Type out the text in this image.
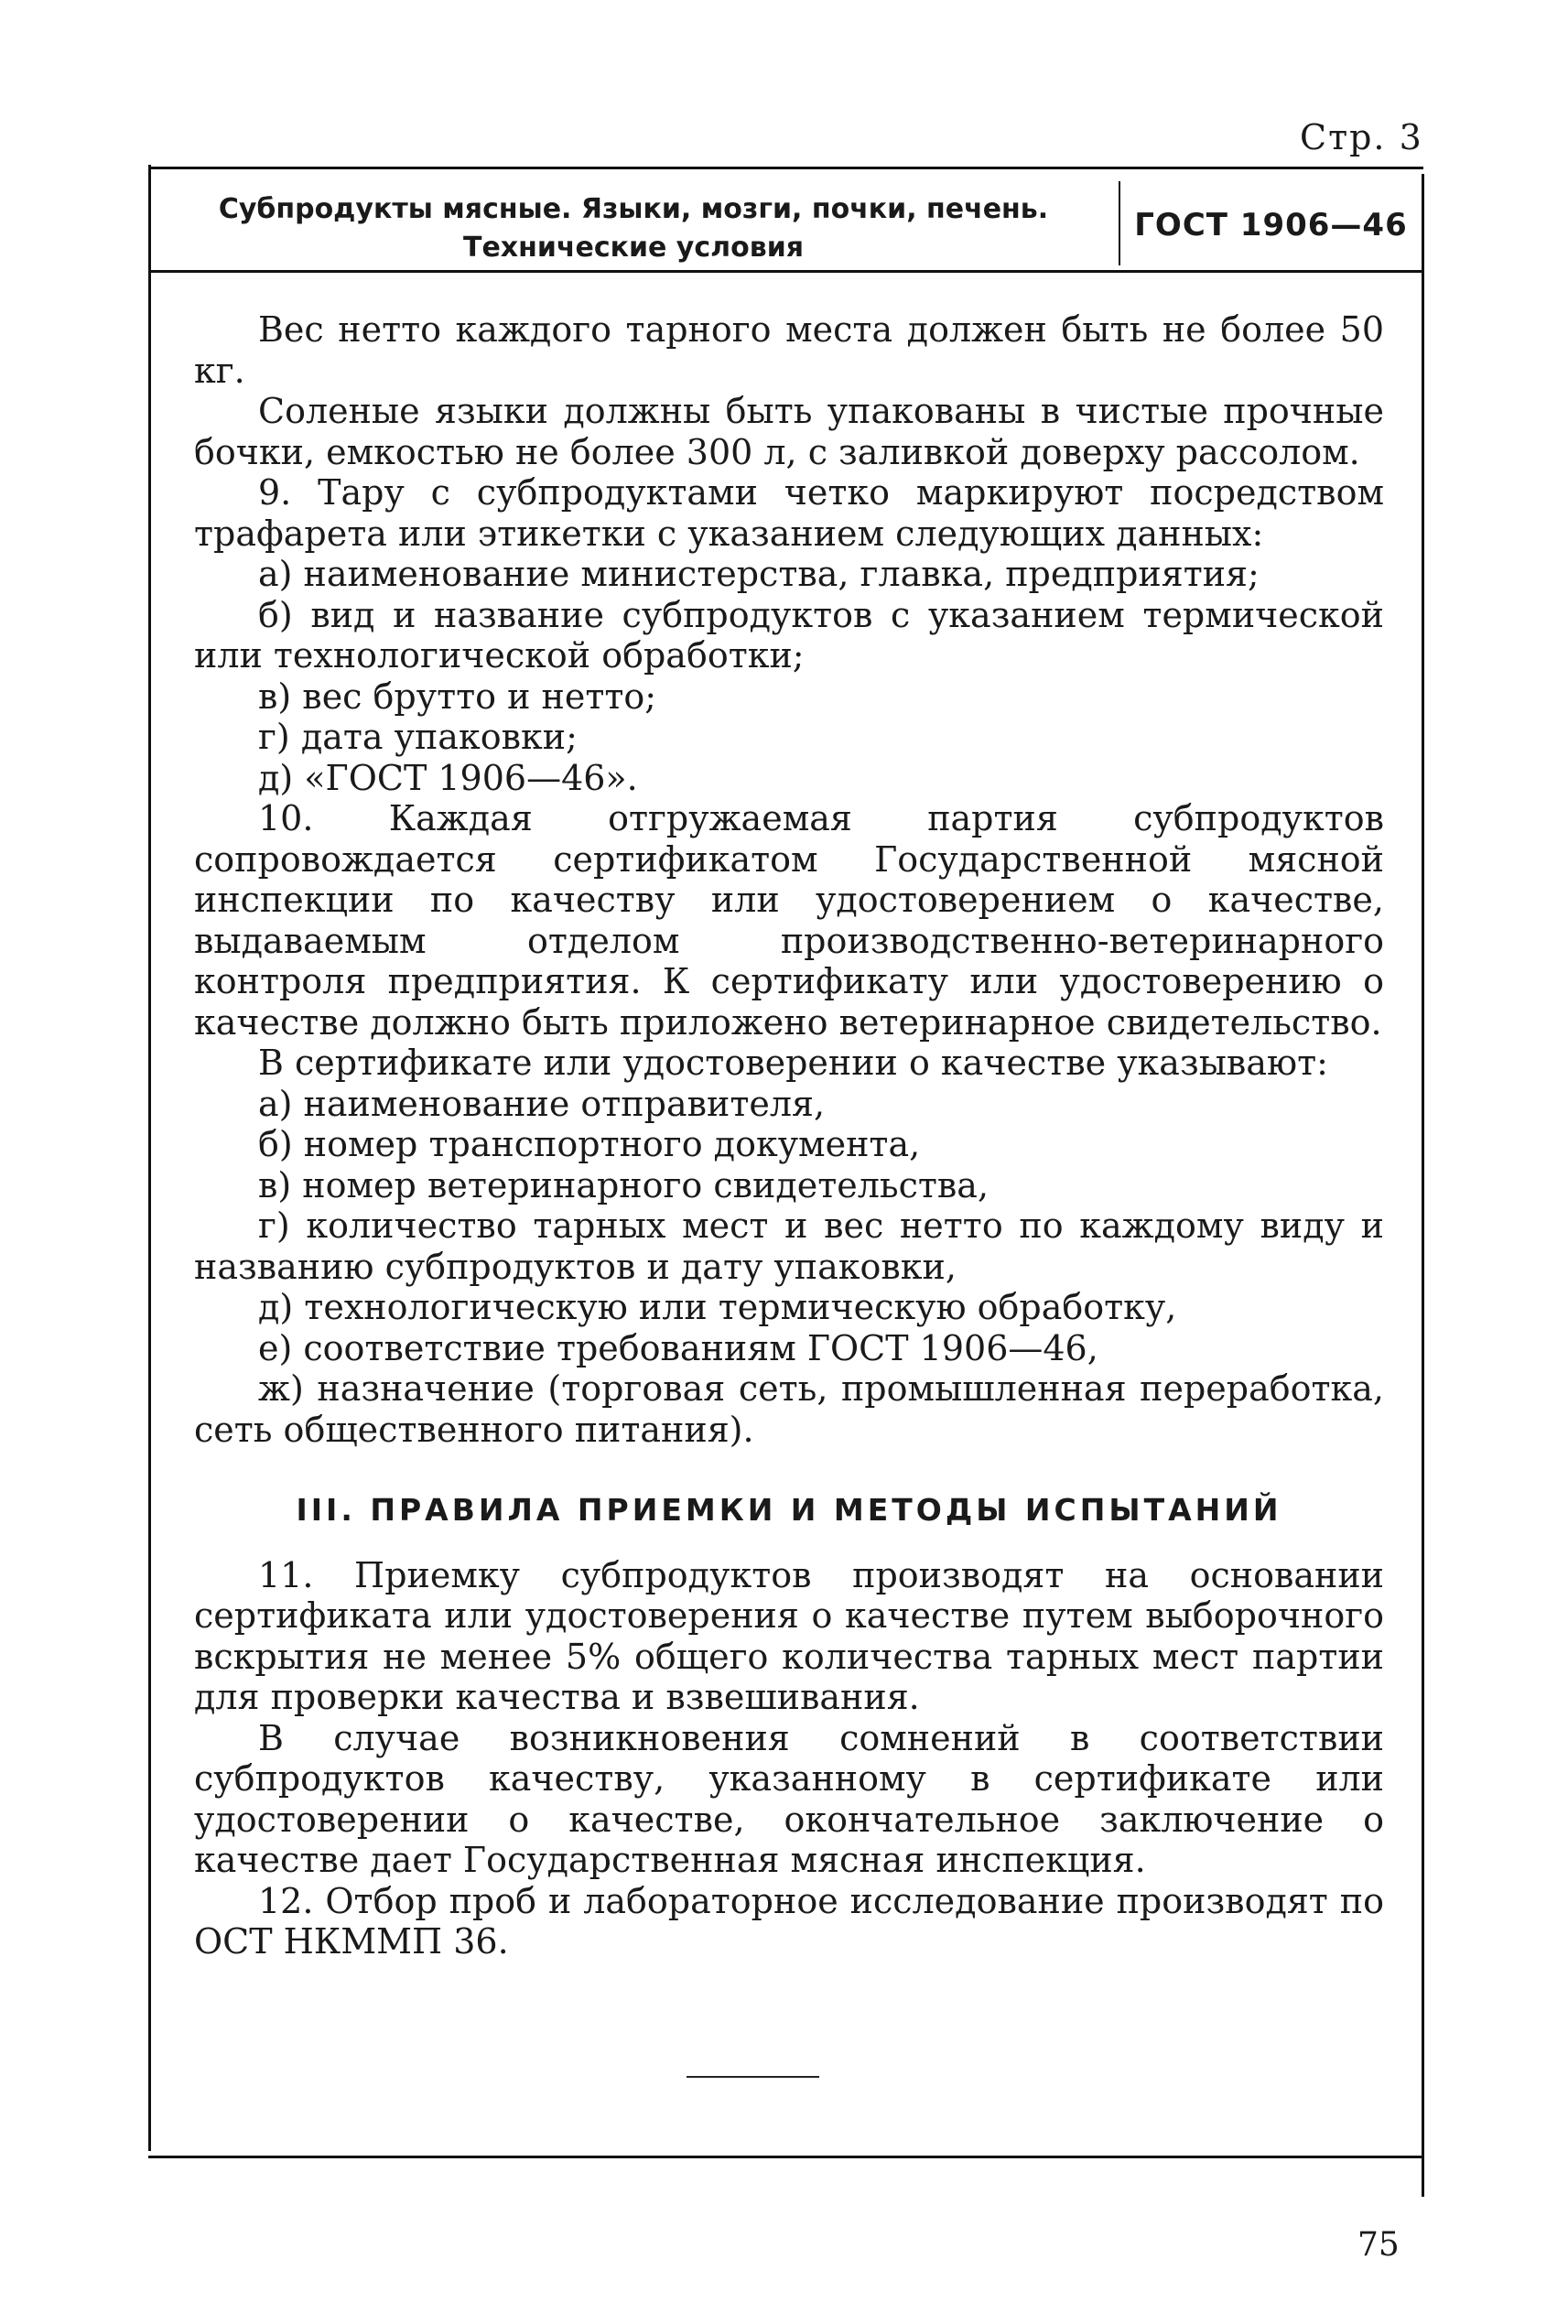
Стр. 3
Субпродукты мясные. Языки, мозги, почки, печень.
Технические условия
ГОСТ 1906—46

Вес нетто каждого тарного места должен быть не более 50 кг.

Соленые языки должны быть упакованы в чистые прочные бочки, емкостью не более 300 л, с заливкой доверху рассолом.

9. Тару с субпродуктами четко маркируют посредством трафарета или этикетки с указанием следующих данных:

а) наименование министерства, главка, предприятия;

б) вид и название субпродуктов с указанием термической или технологической обработки;

в) вес брутто и нетто;

г) дата упаковки;

д) «ГОСТ 1906—46».

10. Каждая отгружаемая партия субпродуктов сопровождается сертификатом Государственной мясной инспекции по качеству или удостоверением о качестве, выдаваемым отделом производственно-ветеринарного контроля предприятия. К сертификату или удостоверению о качестве должно быть приложено ветеринарное свидетельство.

В сертификате или удостоверении о качестве указывают:

а) наименование отправителя,

б) номер транспортного документа,

в) номер ветеринарного свидетельства,

г) количество тарных мест и вес нетто по каждому виду и названию субпродуктов и дату упаковки,

д) технологическую или термическую обработку,

е) соответствие требованиям ГОСТ 1906—46,

ж) назначение (торговая сеть, промышленная переработка, сеть общественного питания).

III. ПРАВИЛА ПРИЕМКИ И МЕТОДЫ ИСПЫТАНИЙ

11. Приемку субпродуктов производят на основании сертификата или удостоверения о качестве путем выборочного вскрытия не менее 5% общего количества тарных мест партии для проверки качества и взвешивания.

В случае возникновения сомнений в соответствии субпродуктов качеству, указанному в сертификате или удостоверении о качестве, окончательное заключение о качестве дает Государственная мясная инспекция.

12. Отбор проб и лабораторное исследование производят по ОСТ НКММП 36.

75
